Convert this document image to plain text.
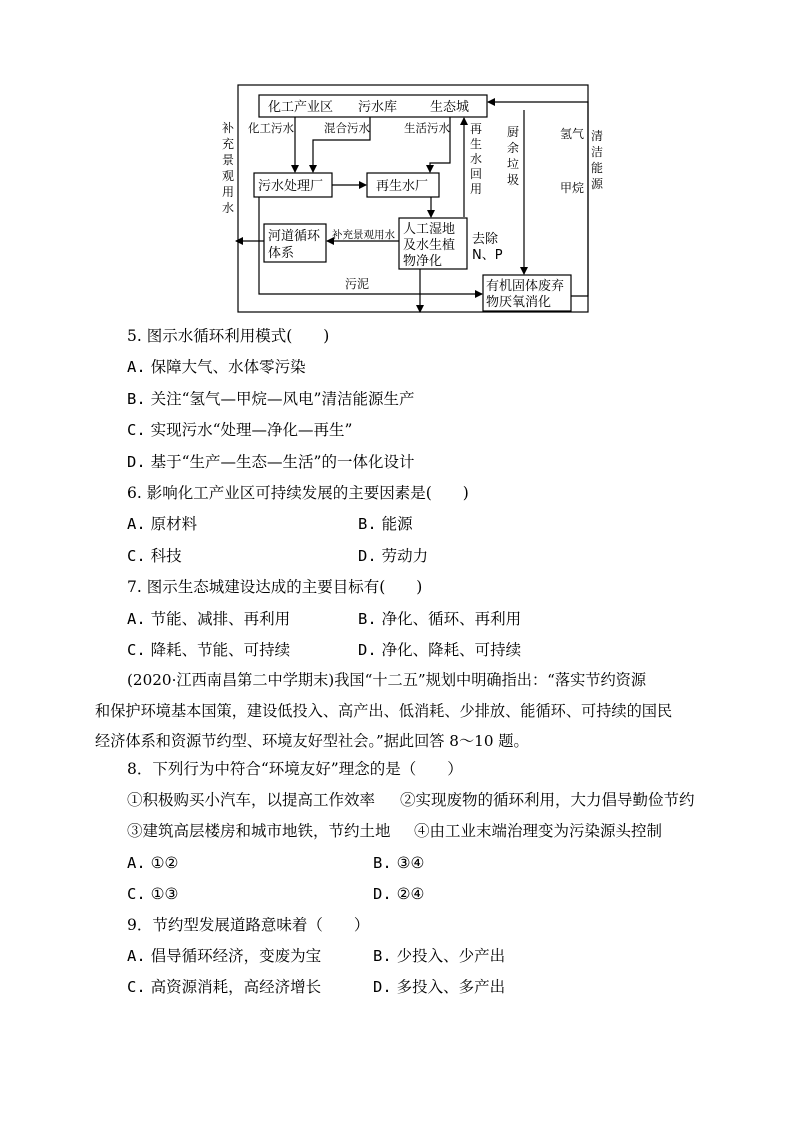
化工产业区 污水库	生态城
化工污水	混合污水	生活污水
补 充 景 观 用 水
再 生 水 回 用
厨 余 垃 圾
氢气
甲烷
清 洁 能 源
污水处理厂	再生水厂
河道循环 体系
人工湿地 及水生植 物净化
补充景观用水	去除 N、P
有机固体废弃 物厌氧消化
污泥
5. 图示水循环利用模式(　　)
A. 保障大气、水体零污染
B. 关注“氢气—甲烷—风电”清洁能源生产
C. 实现污水“处理—净化—再生”
D. 基于“生产—生态—生活”的一体化设计
6. 影响化工产业区可持续发展的主要因素是(　　)
A. 原材料	B. 能源
C. 科技	D. 劳动力
7. 图示生态城建设达成的主要目标有(　　)
A. 节能、减排、再利用	B. 净化、循环、再利用
C. 降耗、节能、可持续	D. 净化、降耗、可持续
(2020·江西南昌第二中学期末)我国“十二五”规划中明确指出：“落实节约资源
和保护环境基本国策，建设低投入、高产出、低消耗、少排放、能循环、可持续的国民
经济体系和资源节约型、环境友好型社会。”据此回答 8～10 题。
8．下列行为中符合“环境友好”理念的是（　　）
①积极购买小汽车，以提高工作效率 ②实现废物的循环利用，大力倡导勤俭节约
③建筑高层楼房和城市地铁，节约土地 ④由工业末端治理变为污染源头控制
A. ①②	B. ③④
C. ①③	D. ②④
9．节约型发展道路意味着（　　）
A. 倡导循环经济，变废为宝	B. 少投入、少产出
C. 高资源消耗，高经济增长	D. 多投入、多产出
